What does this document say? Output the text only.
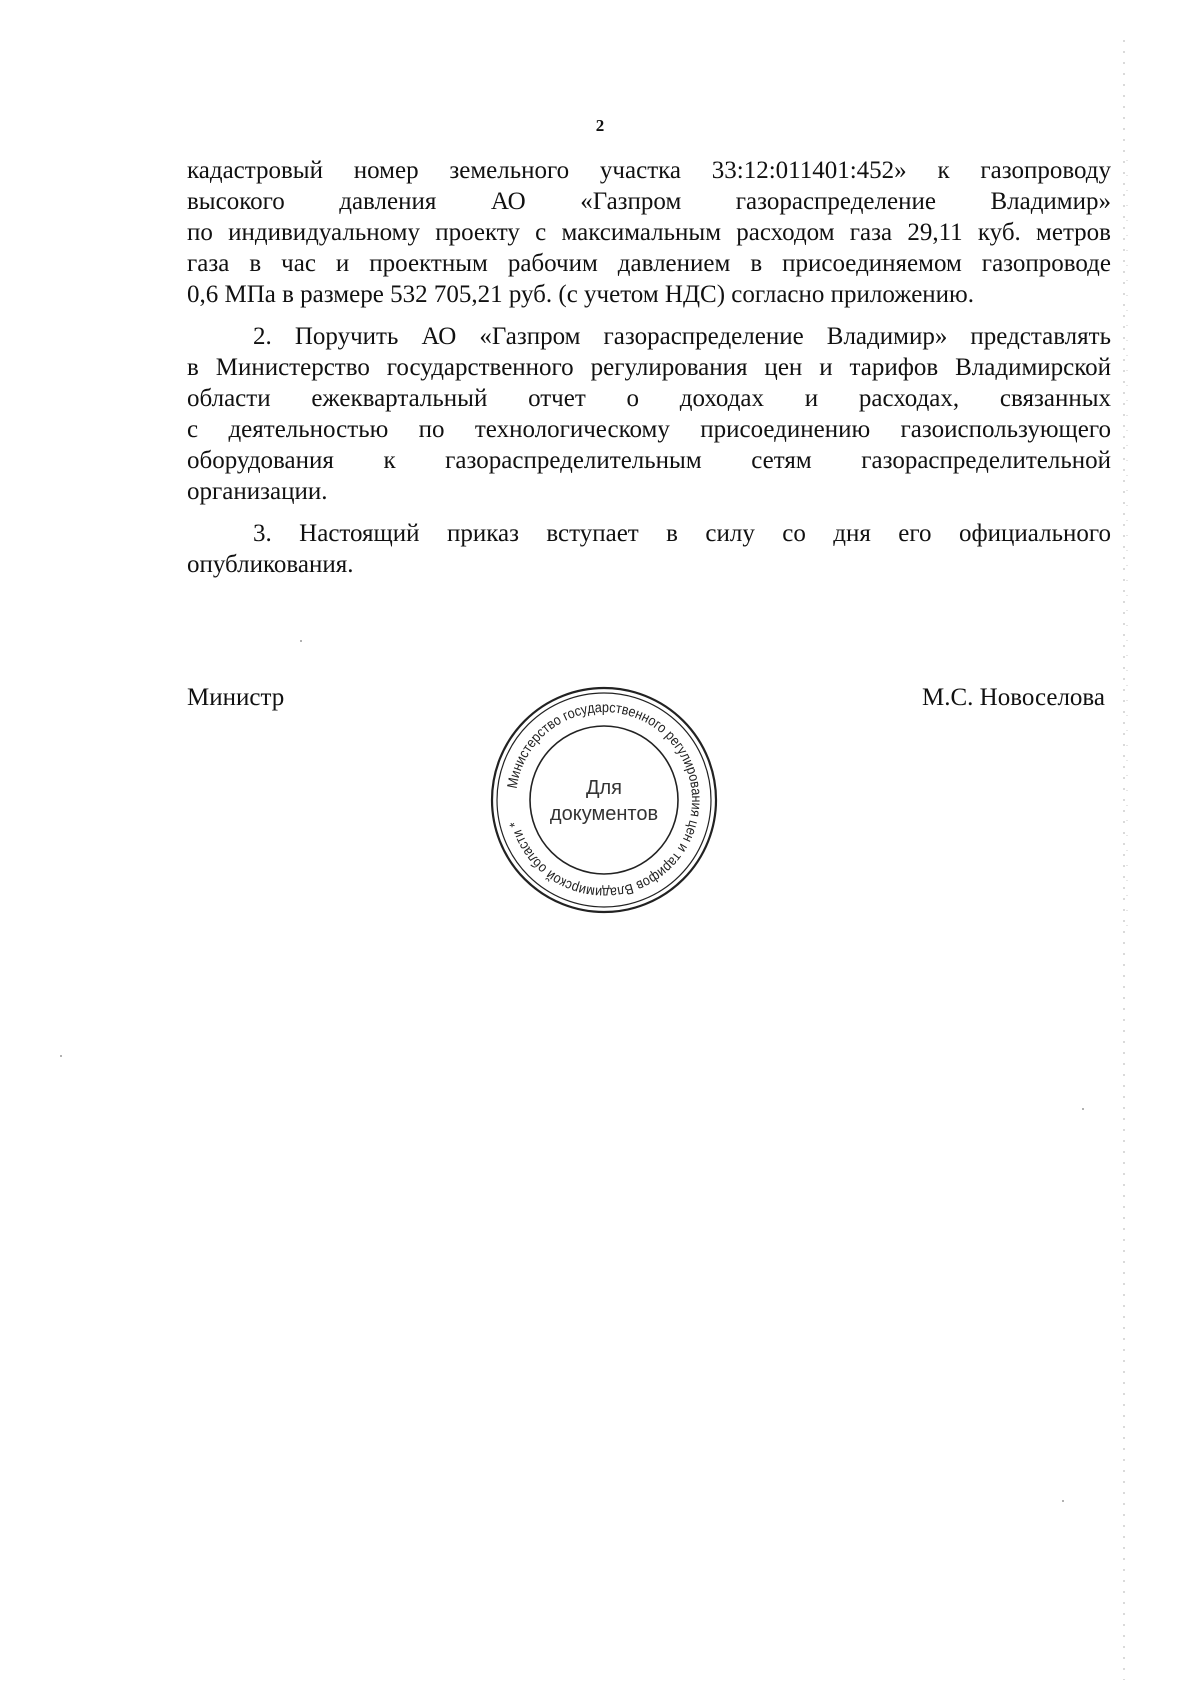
2
кадастровый номер земельного участка 33:12:011401:452» к газопроводу
высокого давления АО «Газпром газораспределение Владимир»
по индивидуальному проекту с максимальным расходом газа 29,11 куб. метров
газа в час и проектным рабочим давлением в присоединяемом газопроводе
0,6 МПа в размере 532 705,21 руб. (с учетом НДС) согласно приложению.
2. Поручить АО «Газпром газораспределение Владимир» представлять
в Министерство государственного регулирования цен и тарифов Владимирской
области ежеквартальный отчет о доходах и расходах, связанных
с деятельностью по технологическому присоединению газоиспользующего
оборудования к газораспределительным сетям газораспределительной
организации.
3. Настоящий приказ вступает в силу со дня его официального
опубликования.
Министр	М.С. Новоселова
Министерство государственного регулирования цен и тарифов Владимирской области *
Для
документов
